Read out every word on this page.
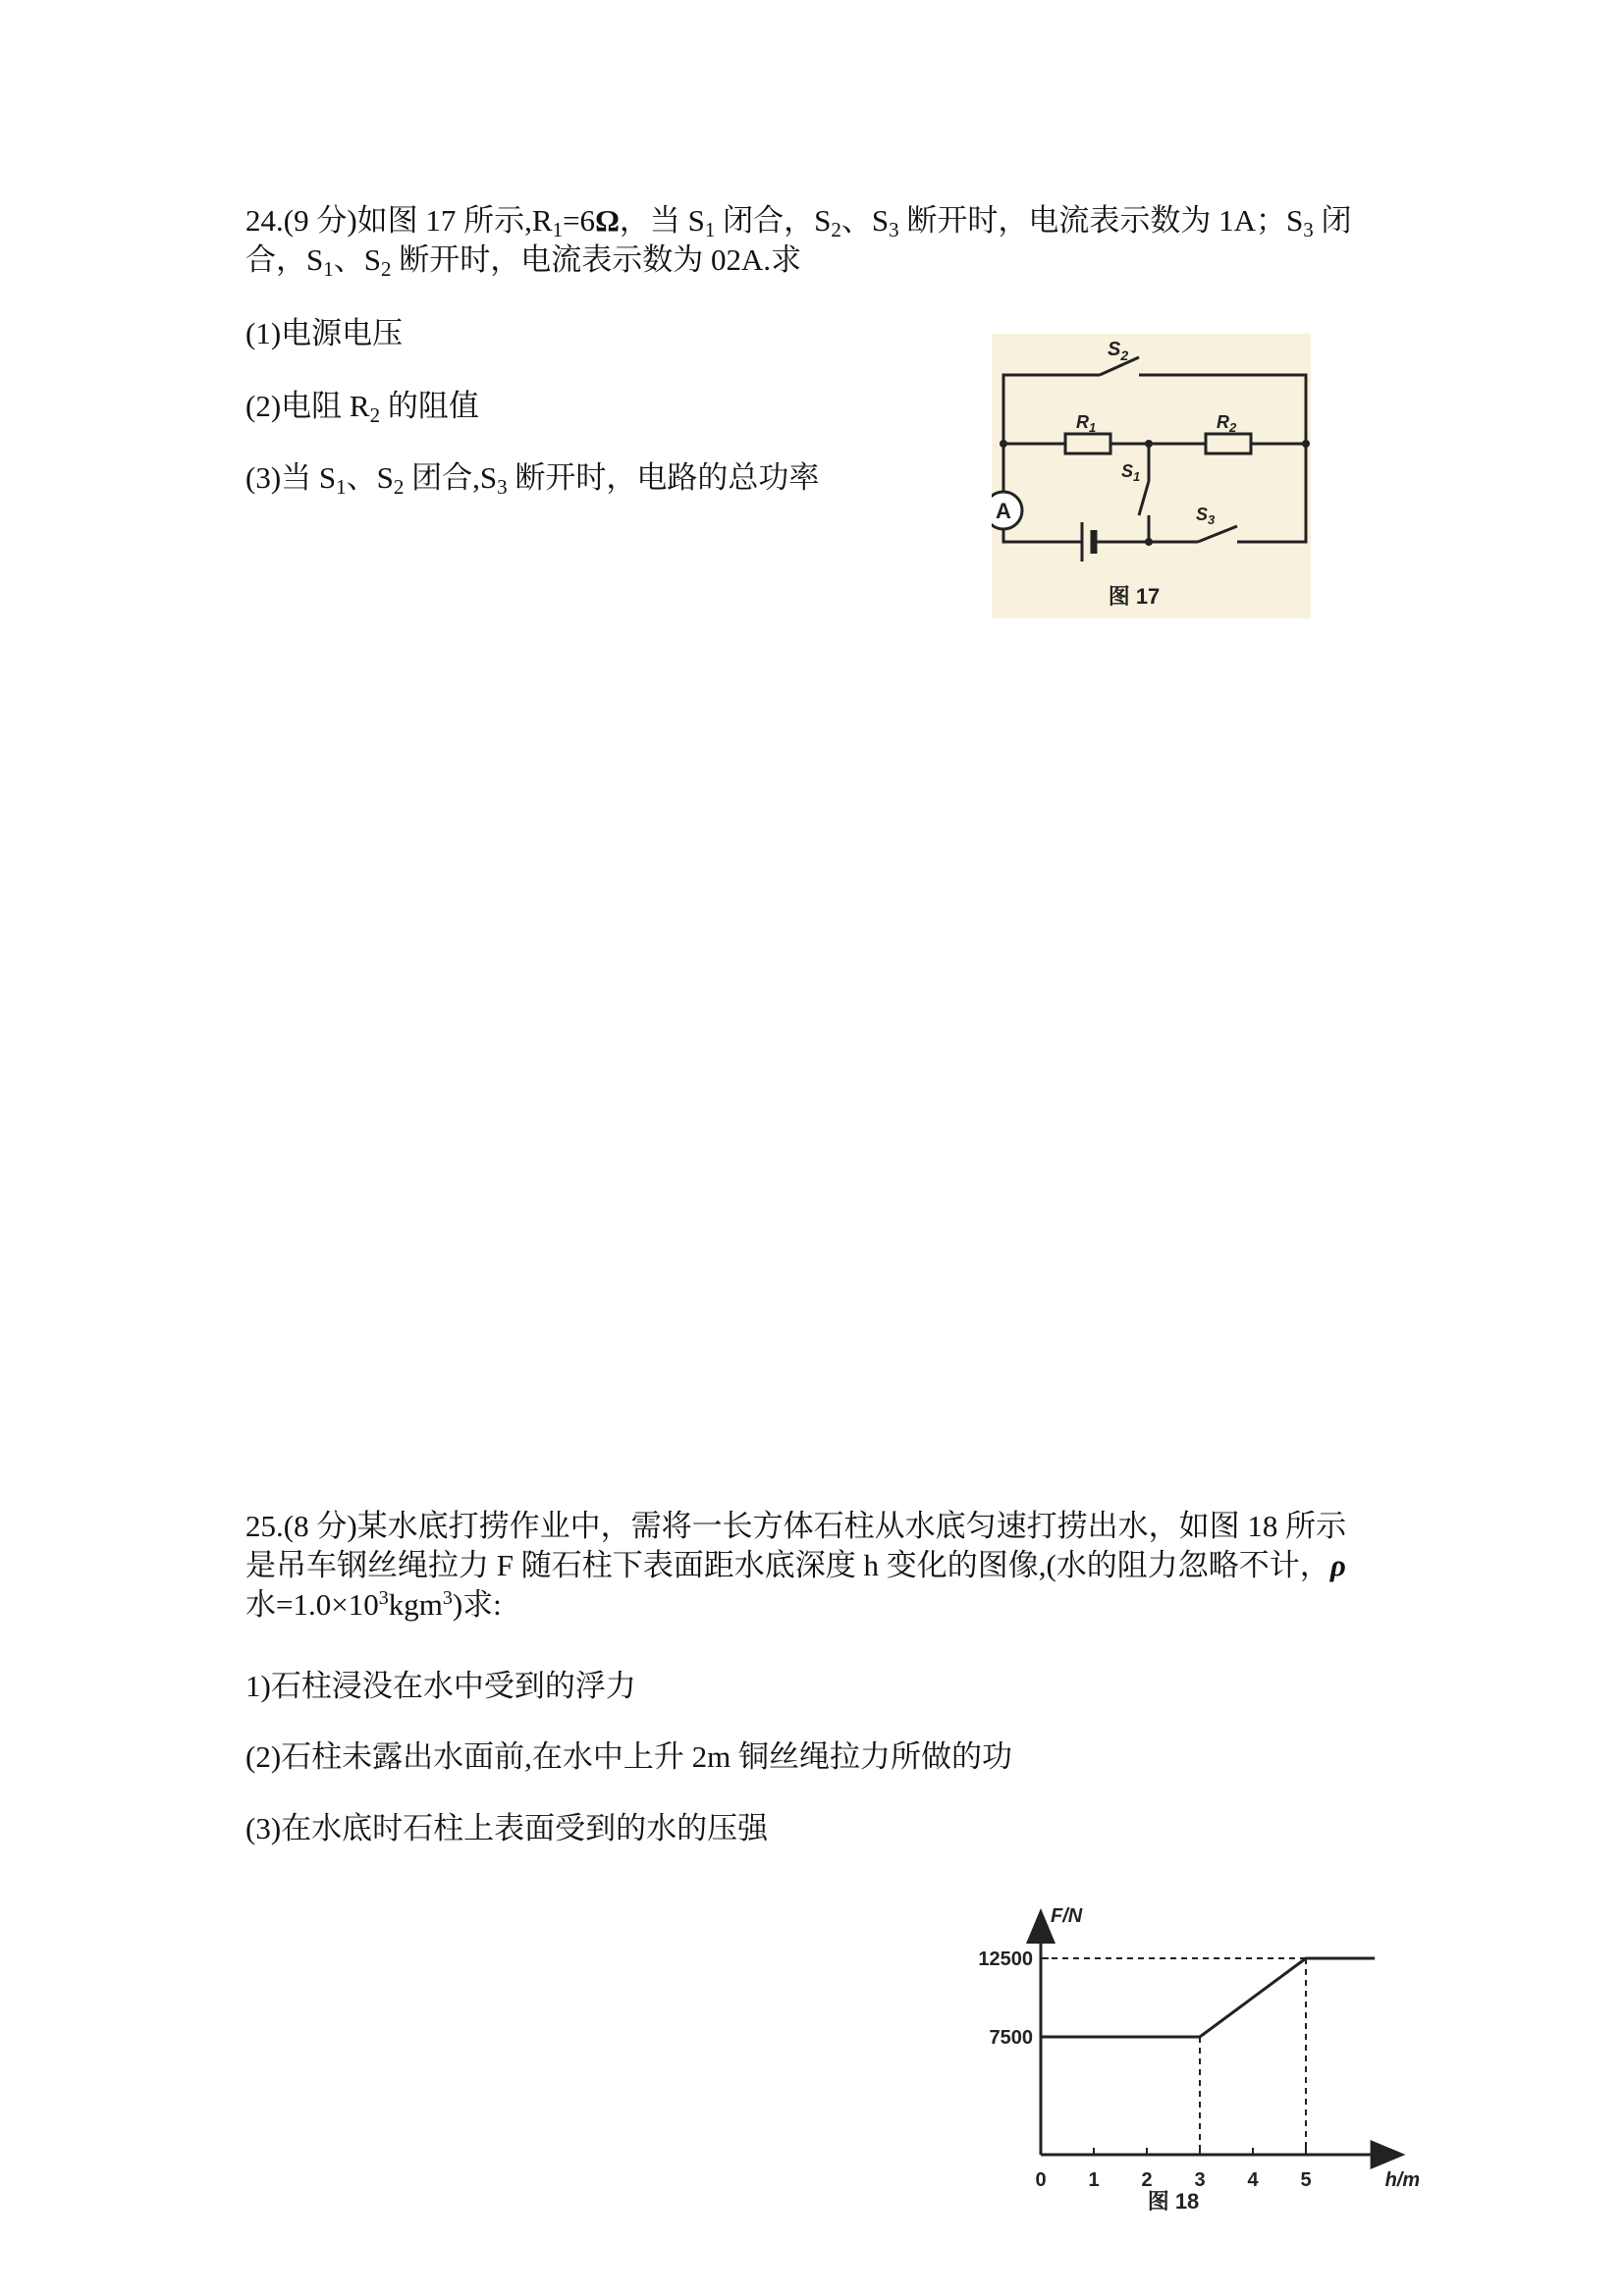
24.(9 分)如图 17 所示$,R_1=6\Omega$，当 $S_1$ 闭合，$S_2$、$S_3$ 断开时，电流表示数为 1A；$S_3$ 闭合，$S_1$、$S_2$ 断开时，电流表示数为 02A.求

(1)电源电压

(2)电阻 $R_2$ 的阻值

(3)当 $S_1$、$S_2$ 团合$,S_3$ 断开时，电路的总功率

A
$S_2$
$R_1$	$R_2$
$S_1$
$S_3$
图 17

25.(8 分)某水底打捞作业中，需将一长方体石柱从水底匀速打捞出水，如图 18 所示是吊车钢丝绳拉力 F 随石柱下表面距水底深度 h 变化的图像,(水的阻力忽略不计，ρ 水$=1.0\times 10^3kgm^3$)求:

1)石柱浸没在水中受到的浮力

(2)石柱未露出水面前,在水中上升 2m 铜丝绳拉力所做的功

(3)在水底时石柱上表面受到的水的压强

F/N
h/m
0 1 2 3 4 5
7500
12500
图 18
